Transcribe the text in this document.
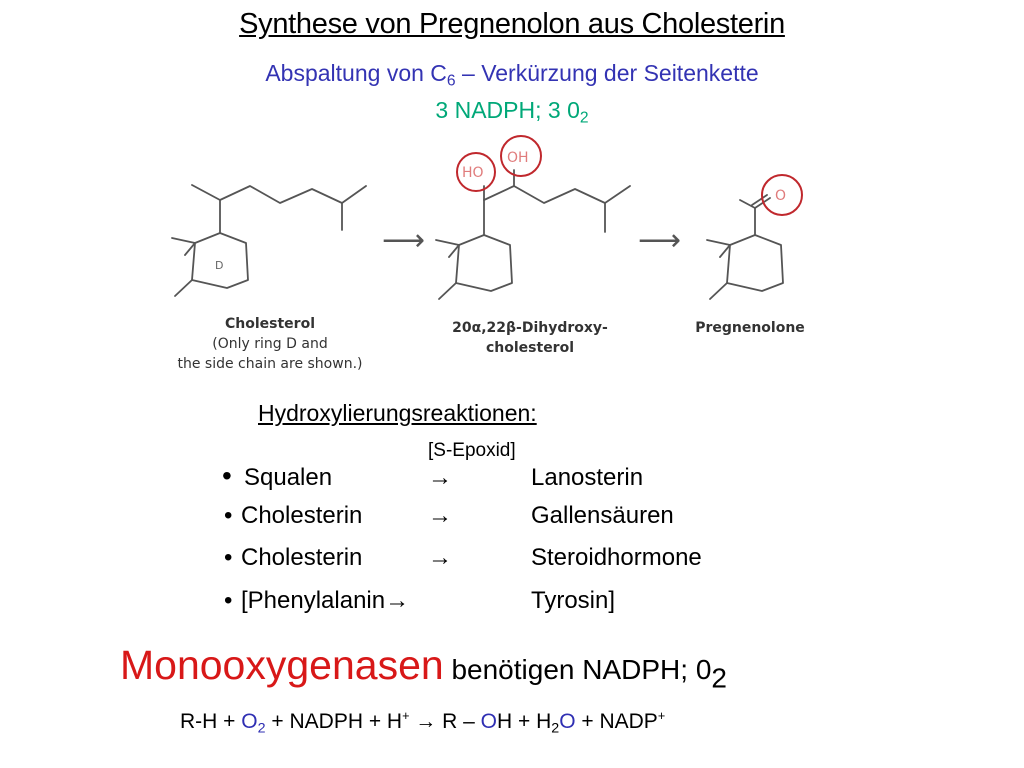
Synthese von Pregnenolon aus Cholesterin
Abspaltung von $C_6$ – Verkürzung der Seitenkette
3 NADPH; 3 $0_2$
D
⟶
HO
OH
⟶
O
Cholesterol
(Only ring D and
the side chain are shown.)
20α,22β-Dihydroxy-
cholesterol
Pregnenolone
Hydroxylierungsreaktionen:
[S-Epoxid]
• Squalen	→	Lanosterin
• Cholesterin	→	Gallensäuren
• Cholesterin	→	Steroidhormone
• [Phenylalanin→	Tyrosin]
Monooxygenasen benötigen NADPH; $0_2$
$R-H + O_2$ + NADPH + H+ → R – OH + $H_2O$ + NADP+
